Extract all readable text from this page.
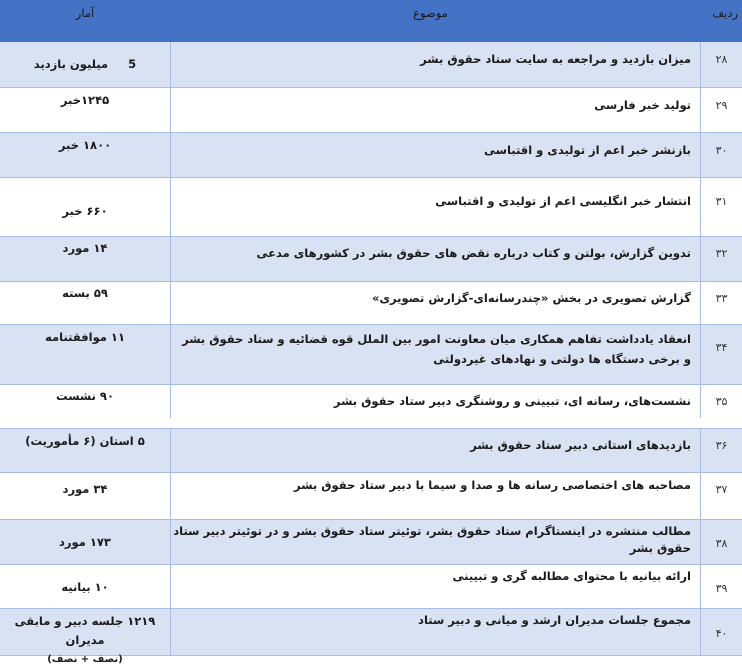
ردیف
موضوع
آمار
۲۸
میزان بازدید و مراجعه به سایت ستاد حقوق بشر
5     میلیون بازدید
۲۹
تولید خبر فارسی
۱۲۴۵خبر
۳۰
بازنشر خبر اعم از تولیدی و اقتباسی
۱۸۰۰ خبر
۳۱
انتشار خبر انگلیسی اعم از تولیدی و اقتباسی
۶۶۰ خبر
۳۲
تدوین گزارش، بولتن و کتاب درباره نقض های حقوق بشر در کشورهای مدعی
۱۴ مورد
۳۳
گزارش تصویری در بخش «چندرسانه‌ای-گزارش تصویری»
۵۹ بسته
۳۴
انعقاد یادداشت تفاهم همکاری میان معاونت امور بین الملل قوه قضائیه و ستاد حقوق بشر و برخی دستگاه ها دولتی و نهادهای غیردولتی
۱۱ موافقتنامه
۳۵
نشست‌های، رسانه ای، تبیینی و روشنگری دبیر ستاد حقوق بشر
۹۰ نشست
۳۶
بازدیدهای استانی دبیر ستاد حقوق بشر
۵ استان (۶ مأموریت)
۳۷
مصاحبه های اختصاصی رسانه ها و صدا و سیما با دبیر ستاد حقوق بشر
۳۴ مورد
۳۸
مطالب منتشره در اینستاگرام ستاد حقوق بشر، توئیتر ستاد حقوق بشر و در توئیتر دبیر ستاد حقوق بشر
۱۷۳ مورد
۳۹
ارائه بیانیه با محتوای مطالبه گری و تبیینی
۱۰ بیانیه
۴۰
مجموع جلسات مدیران ارشد و میانی و دبیر ستاد
۱۲۱۹ جلسه دبیر و مابقی مدیران
(نصف + نصف)
